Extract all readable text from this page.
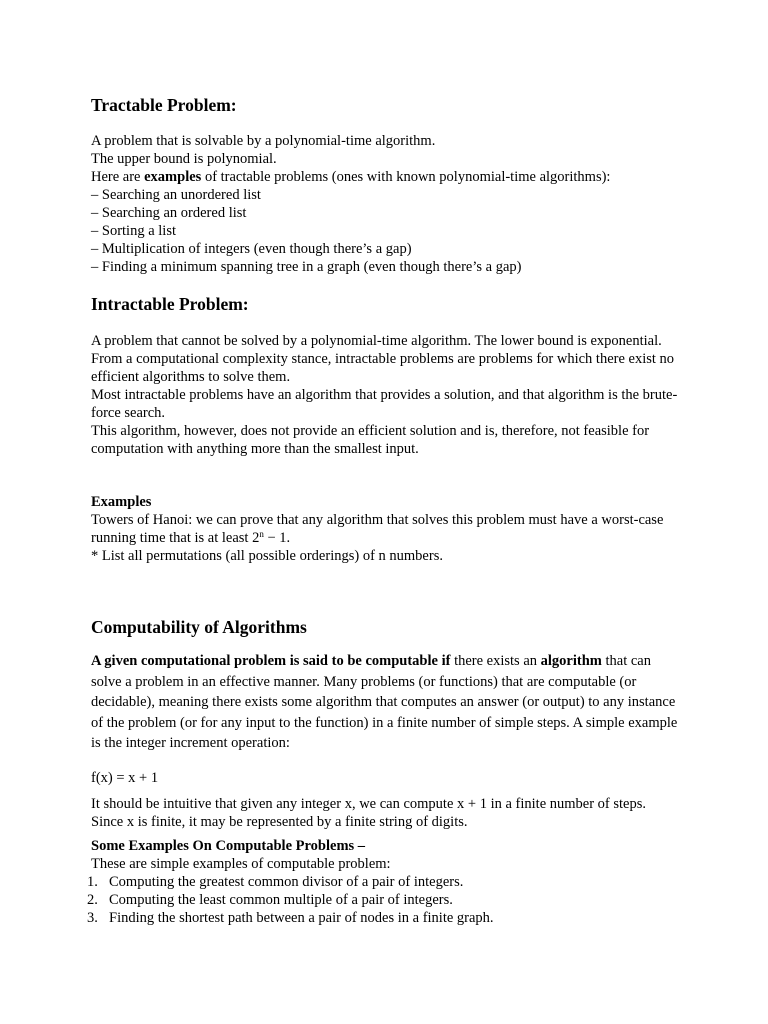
Tractable Problem:
A problem that is solvable by a polynomial-time algorithm.
The upper bound is polynomial.
Here are examples of tractable problems (ones with known polynomial-time algorithms):
– Searching an unordered list
– Searching an ordered list
– Sorting a list
– Multiplication of integers (even though there’s a gap)
– Finding a minimum spanning tree in a graph (even though there’s a gap)
Intractable Problem:
A problem that cannot be solved by a polynomial-time algorithm. The lower bound is exponential.
From a computational complexity stance, intractable problems are problems for which there exist no efficient algorithms to solve them.
Most intractable problems have an algorithm that provides a solution, and that algorithm is the brute-force search.
This algorithm, however, does not provide an efficient solution and is, therefore, not feasible for computation with anything more than the smallest input.
Examples
Towers of Hanoi: we can prove that any algorithm that solves this problem must have a worst-case running time that is at least $2^n - 1$.
* List all permutations (all possible orderings) of n numbers.
Computability of Algorithms
A given computational problem is said to be computable if there exists an algorithm that can solve a problem in an effective manner. Many problems (or functions) that are computable (or decidable), meaning there exists some algorithm that computes an answer (or output) to any instance of the problem (or for any input to the function) in a finite number of simple steps. A simple example is the integer increment operation:
f(x) = x + 1
It should be intuitive that given any integer x, we can compute x + 1 in a finite number of steps. Since x is finite, it may be represented by a finite string of digits.
Some Examples On Computable Problems –
These are simple examples of computable problem:
1. Computing the greatest common divisor of a pair of integers.
2. Computing the least common multiple of a pair of integers.
3. Finding the shortest path between a pair of nodes in a finite graph.
